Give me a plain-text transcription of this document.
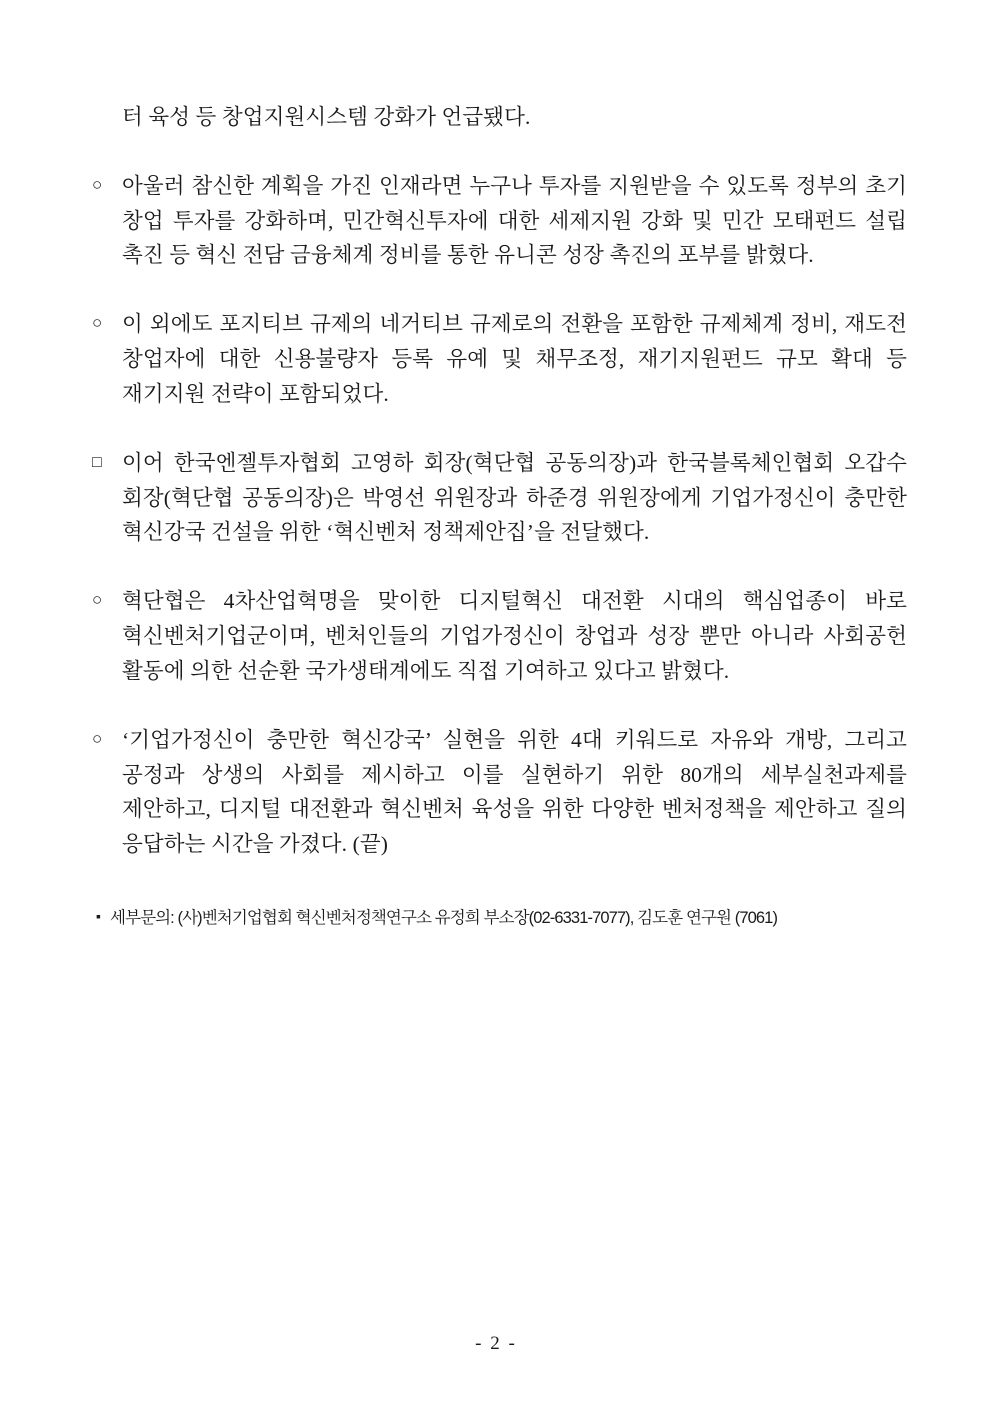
터 육성 등 창업지원시스템 강화가 언급됐다.

○ 아울러 참신한 계획을 가진 인재라면 누구나 투자를 지원받을 수 있도록 정부의 초기 창업 투자를 강화하며, 민간혁신투자에 대한 세제지원 강화 및 민간 모태펀드 설립 촉진 등 혁신 전담 금융체계 정비를 통한 유니콘 성장 촉진의 포부를 밝혔다.
○ 이 외에도 포지티브 규제의 네거티브 규제로의 전환을 포함한 규제체계 정비, 재도전 창업자에 대한 신용불량자 등록 유예 및 채무조정, 재기지원펀드 규모 확대 등 재기지원 전략이 포함되었다.
□ 이어 한국엔젤투자협회 고영하 회장(혁단협 공동의장)과 한국블록체인협회 오갑수 회장(혁단협 공동의장)은 박영선 위원장과 하준경 위원장에게 기업가정신이 충만한 혁신강국 건설을 위한 ‘혁신벤처 정책제안집’을 전달했다.
○ 혁단협은 4차산업혁명을 맞이한 디지털혁신 대전환 시대의 핵심업종이 바로 혁신벤처기업군이며, 벤처인들의 기업가정신이 창업과 성장 뿐만 아니라 사회공헌 활동에 의한 선순환 국가생태계에도 직접 기여하고 있다고 밝혔다.
○ ‘기업가정신이 충만한 혁신강국’ 실현을 위한 4대 키워드로 자유와 개방, 그리고 공정과 상생의 사회를 제시하고 이를 실현하기 위한 80개의 세부실천과제를 제안하고, 디지털 대전환과 혁신벤처 육성을 위한 다양한 벤처정책을 제안하고 질의 응답하는 시간을 가졌다. (끝)
▪ 세부문의: (사)벤처기업협회 혁신벤처정책연구소 유정희 부소장(02-6331-7077), 김도훈 연구원 (7061)
- 2 -
